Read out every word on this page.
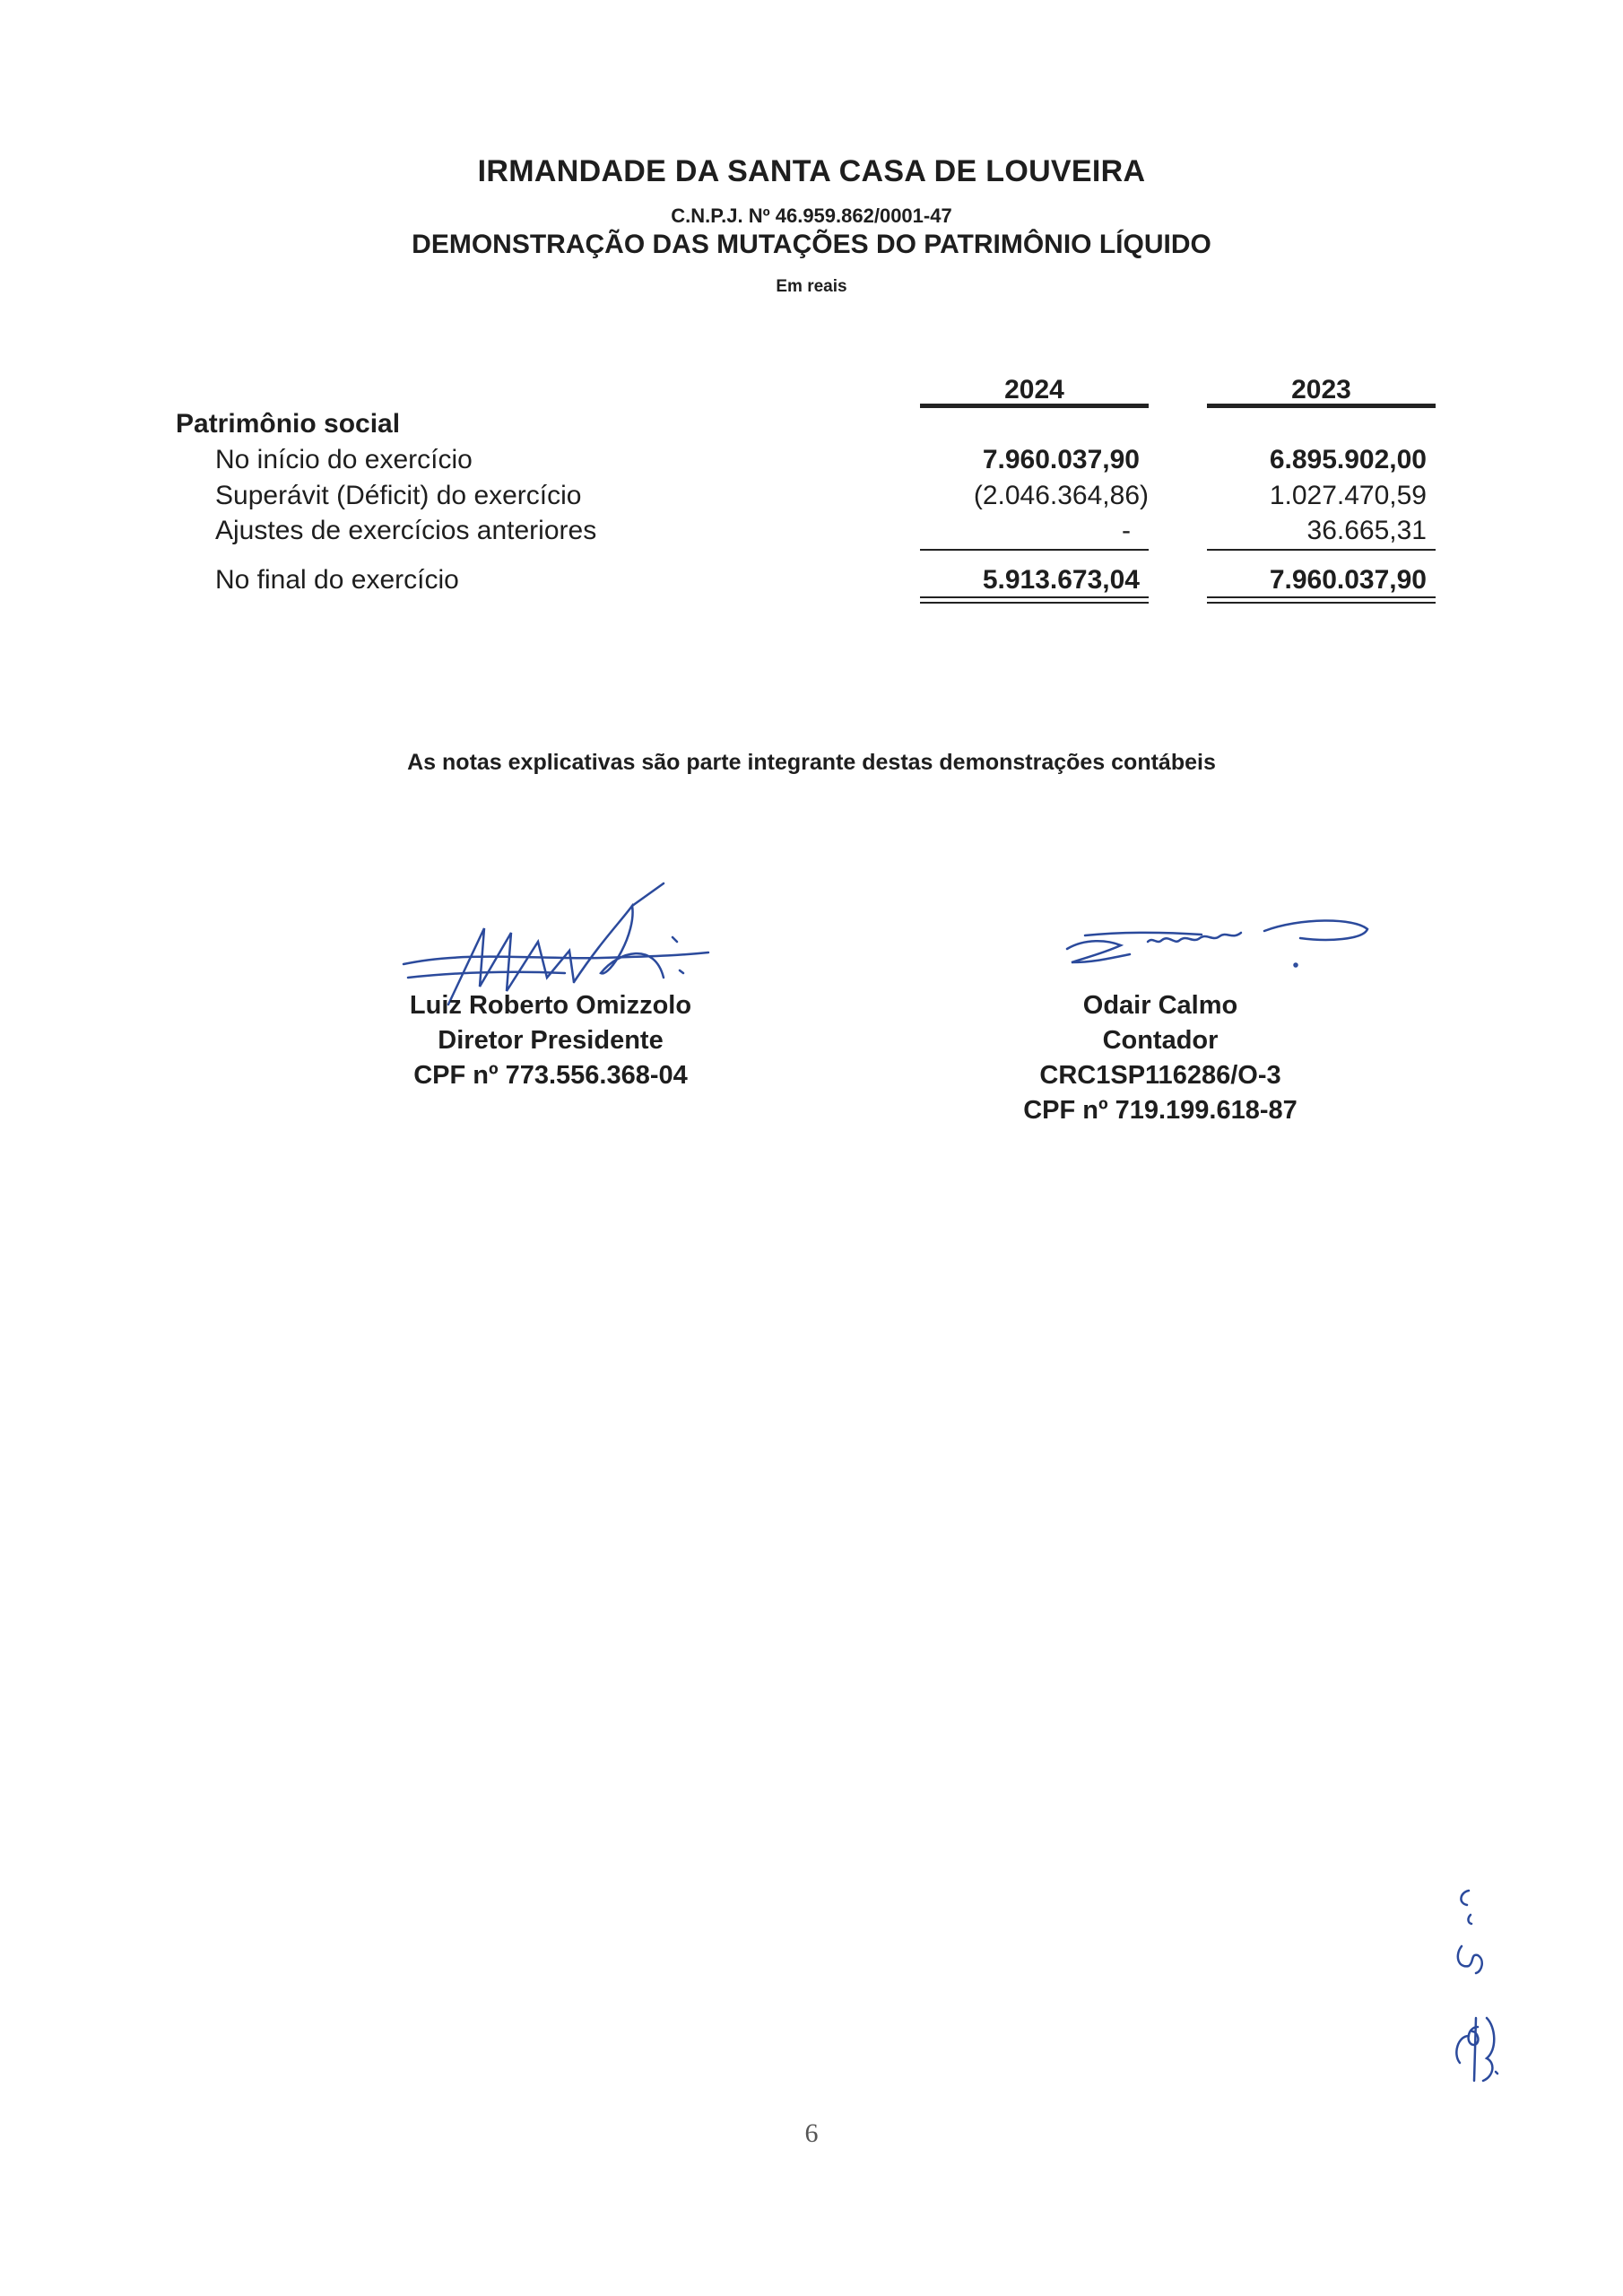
IRMANDADE DA SANTA CASA DE LOUVEIRA
C.N.P.J. Nº 46.959.862/0001-47
DEMONSTRAÇÃO DAS MUTAÇÕES DO PATRIMÔNIO LÍQUIDO
Em reais
2024	2023
Patrimônio social
No início do exercício	7.960.037,90	6.895.902,00
Superávit (Déficit) do exercício	(2.046.364,86)	1.027.470,59
Ajustes de exercícios anteriores	-	36.665,31
No final do exercício	5.913.673,04	7.960.037,90
As notas explicativas são parte integrante destas demonstrações contábeis
Luiz Roberto Omizzolo
Diretor Presidente
CPF nº 773.556.368-04
Odair Calmo
Contador
CRC1SP116286/O-3
CPF nº 719.199.618-87
6
